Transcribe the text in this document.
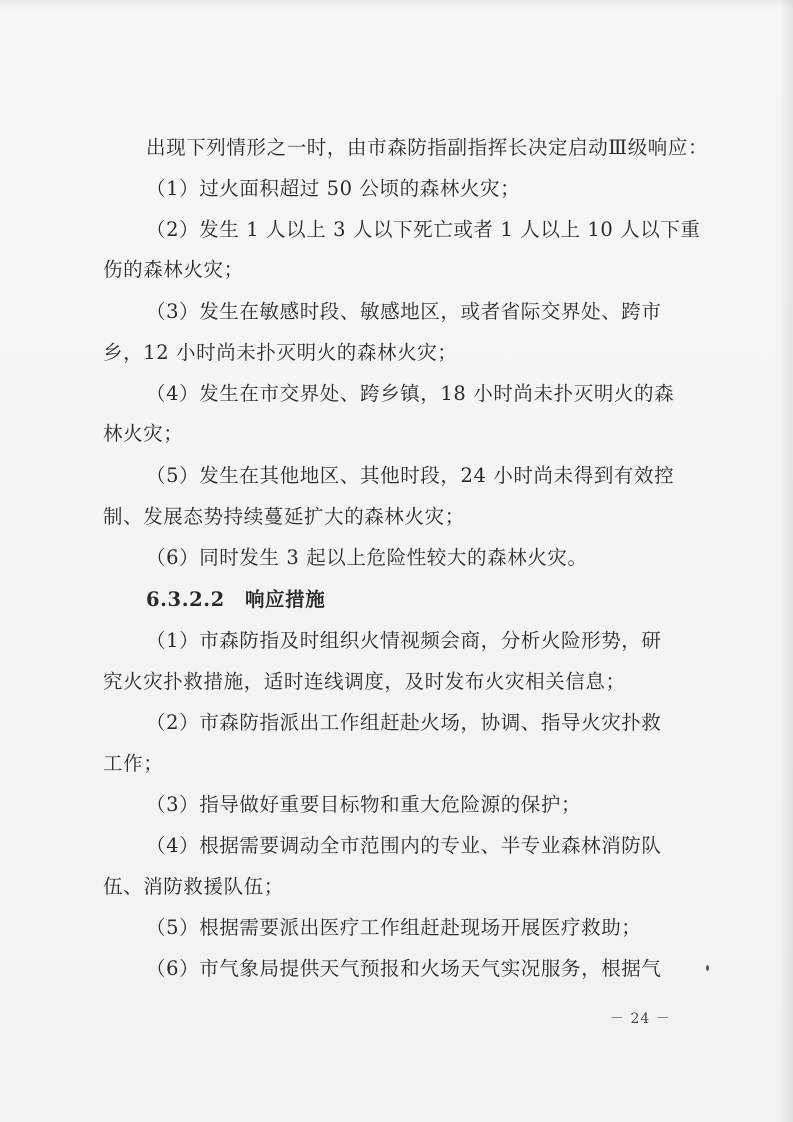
出现下列情形之一时，由市森防指副指挥长决定启动Ⅲ级响应：
（1）过火面积超过 50 公顷的森林火灾；
（2）发生 1 人以上 3 人以下死亡或者 1 人以上 10 人以下重
伤的森林火灾；
（3）发生在敏感时段、敏感地区，或者省际交界处、跨市
乡，12 小时尚未扑灭明火的森林火灾；
（4）发生在市交界处、跨乡镇，18 小时尚未扑灭明火的森
林火灾；
（5）发生在其他地区、其他时段，24 小时尚未得到有效控
制、发展态势持续蔓延扩大的森林火灾；
（6）同时发生 3 起以上危险性较大的森林火灾。
6.3.2.2　响应措施
（1）市森防指及时组织火情视频会商，分析火险形势，研
究火灾扑救措施，适时连线调度，及时发布火灾相关信息；
（2）市森防指派出工作组赶赴火场，协调、指导火灾扑救
工作；
（3）指导做好重要目标物和重大危险源的保护；
（4）根据需要调动全市范围内的专业、半专业森林消防队
伍、消防救援队伍；
（5）根据需要派出医疗工作组赶赴现场开展医疗救助；
（6）市气象局提供天气预报和火场天气实况服务，根据气
－ 24 －
